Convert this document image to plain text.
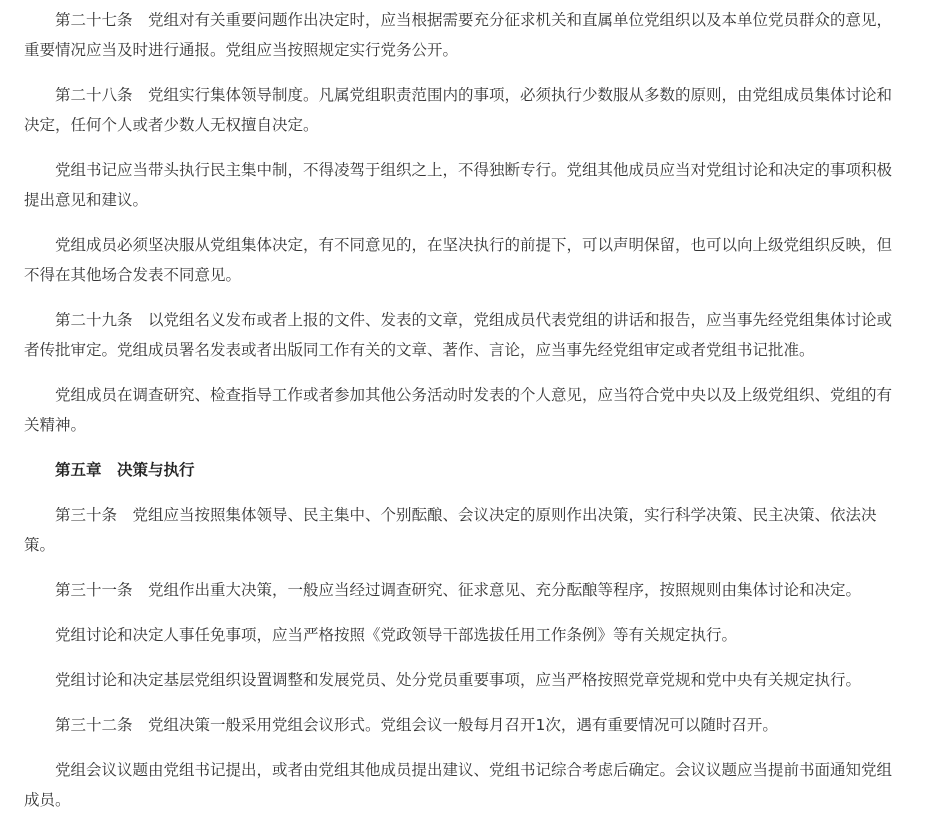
第二十七条　党组对有关重要问题作出决定时，应当根据需要充分征求机关和直属单位党组织以及本单位党员群众的意见，重要情况应当及时进行通报。党组应当按照规定实行党务公开。

第二十八条　党组实行集体领导制度。凡属党组职责范围内的事项，必须执行少数服从多数的原则，由党组成员集体讨论和决定，任何个人或者少数人无权擅自决定。

党组书记应当带头执行民主集中制，不得凌驾于组织之上，不得独断专行。党组其他成员应当对党组讨论和决定的事项积极提出意见和建议。

党组成员必须坚决服从党组集体决定，有不同意见的，在坚决执行的前提下，可以声明保留，也可以向上级党组织反映，但不得在其他场合发表不同意见。

第二十九条　以党组名义发布或者上报的文件、发表的文章，党组成员代表党组的讲话和报告，应当事先经党组集体讨论或者传批审定。党组成员署名发表或者出版同工作有关的文章、著作、言论，应当事先经党组审定或者党组书记批准。

党组成员在调查研究、检查指导工作或者参加其他公务活动时发表的个人意见，应当符合党中央以及上级党组织、党组的有关精神。

第五章　决策与执行

第三十条　党组应当按照集体领导、民主集中、个别酝酿、会议决定的原则作出决策，实行科学决策、民主决策、依法决策。

第三十一条　党组作出重大决策，一般应当经过调查研究、征求意见、充分酝酿等程序，按照规则由集体讨论和决定。

党组讨论和决定人事任免事项，应当严格按照《党政领导干部选拔任用工作条例》等有关规定执行。

党组讨论和决定基层党组织设置调整和发展党员、处分党员重要事项，应当严格按照党章党规和党中央有关规定执行。

第三十二条　党组决策一般采用党组会议形式。党组会议一般每月召开1次，遇有重要情况可以随时召开。

党组会议议题由党组书记提出，或者由党组其他成员提出建议、党组书记综合考虑后确定。会议议题应当提前书面通知党组成员。
